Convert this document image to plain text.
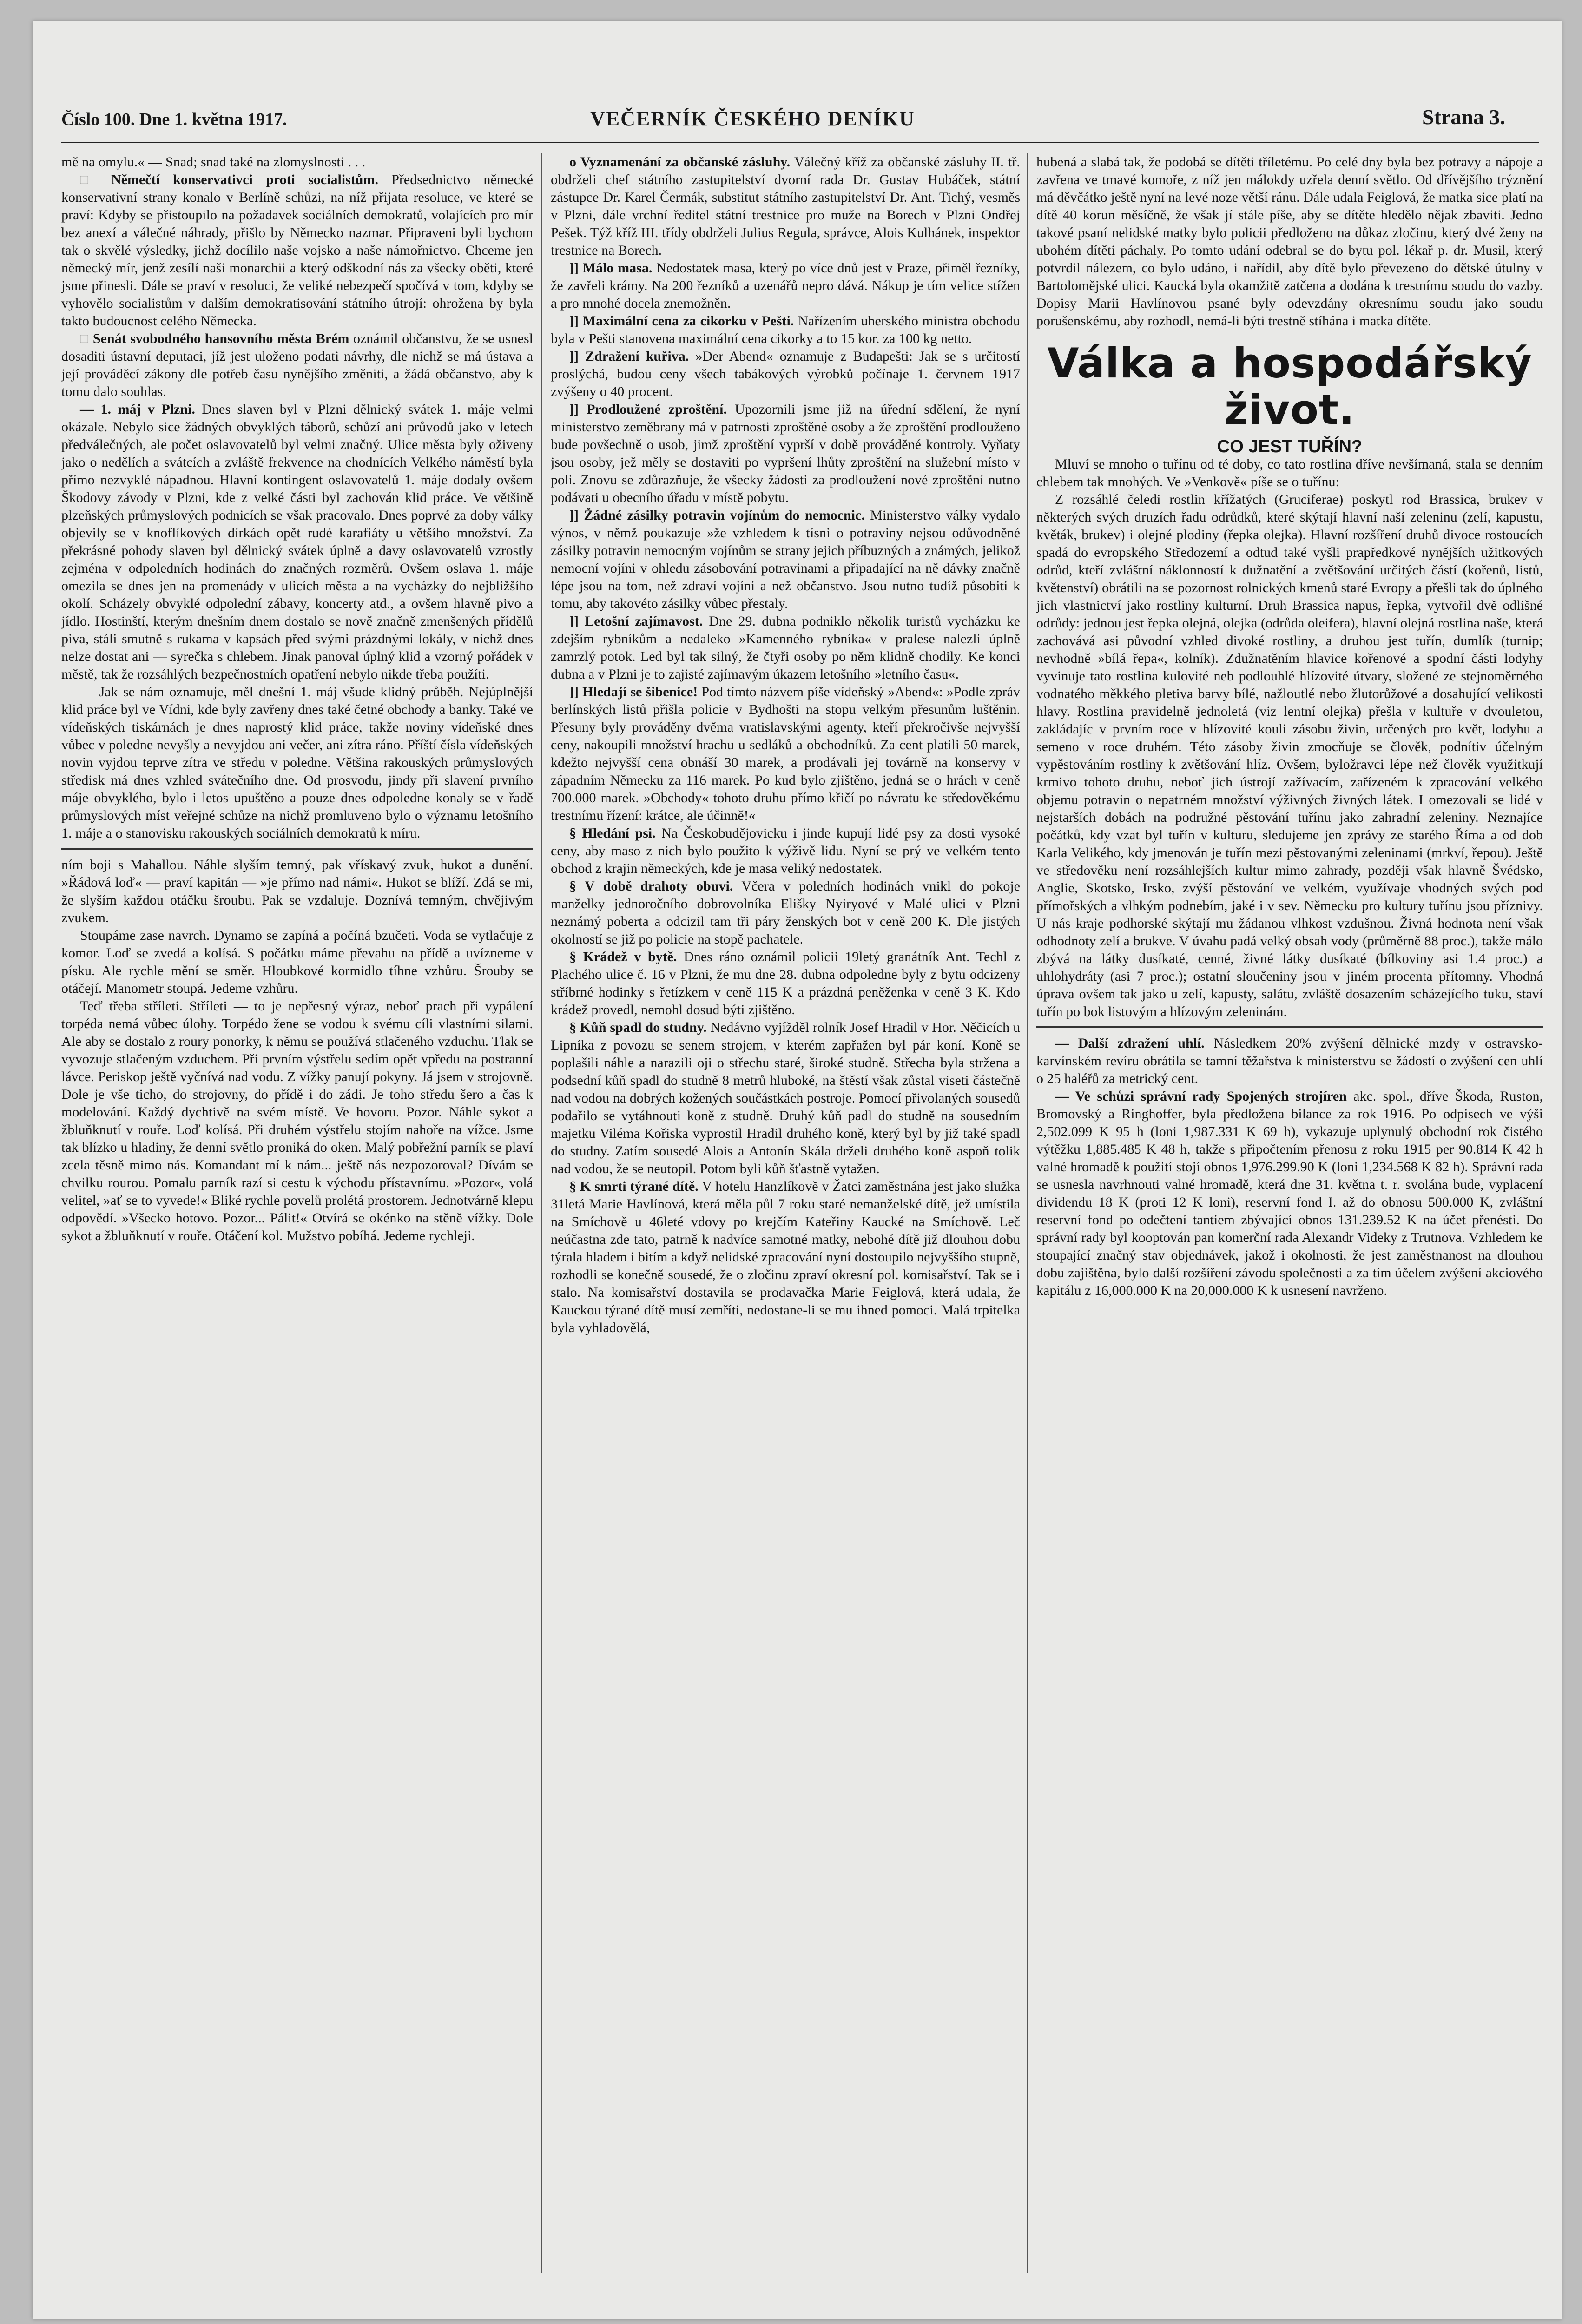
Číslo 100. Dne 1. května 1917.	VEČERNÍK ČESKÉHO DENÍKU	Strana 3.

mě na omylu.« — Snad; snad také na zlomyslnosti . . .

□ Němečtí konservativci proti socialistům. Předsednictvo německé konservativní strany konalo v Berlíně schůzi, na níž přijata resoluce, ve které se praví: Kdyby se přistoupilo na požadavek sociálních demokratů, volajících pro mír bez anexí a válečné náhrady, přišlo by Německo nazmar. Připraveni byli bychom tak o skvělé výsledky, jichž docílilo naše vojsko a naše námořnictvo. Chceme jen německý mír, jenž zesílí naši monarchii a který odškodní nás za všecky oběti, které jsme přinesli. Dále se praví v resoluci, že veliké nebezpečí spočívá v tom, kdyby se vyhovělo socialistům v dalším demokratisování státního útrojí: ohrožena by byla takto budoucnost celého Německa.

□ Senát svobodného hansovního města Brém oznámil občanstvu, že se usnesl dosaditi ústavní deputaci, jíž jest uloženo podati návrhy, dle nichž se má ústava a její prováděcí zákony dle potřeb času nynějšího změniti, a žádá občanstvo, aby k tomu dalo souhlas.

— 1. máj v Plzni. Dnes slaven byl v Plzni dělnický svátek 1. máje velmi okázale. Nebylo sice žádných obvyklých táborů, schůzí ani průvodů jako v letech předválečných, ale počet oslavovatelů byl velmi značný. Ulice města byly oživeny jako o nedělích a svátcích a zvláště frekvence na chodnících Velkého náměstí byla přímo nezvyklé nápadnou. Hlavní kontingent oslavovatelů 1. máje dodaly ovšem Škodovy závody v Plzni, kde z velké části byl zachován klid práce. Ve většině plzeňských průmyslových podnicích se však pracovalo. Dnes poprvé za doby války objevily se v knoflíkových dírkách opět rudé karafiáty u většího množství. Za překrásné pohody slaven byl dělnický svátek úplně a davy oslavovatelů vzrostly zejména v odpoledních hodinách do značných rozměrů. Ovšem oslava 1. máje omezila se dnes jen na promenády v ulicích města a na vycházky do nejbližšího okolí. Scházely obvyklé odpolední zábavy, koncerty atd., a ovšem hlavně pivo a jídlo. Hostinští, kterým dnešním dnem dostalo se nově značně zmenšených přídělů piva, stáli smutně s rukama v kapsách před svými prázdnými lokály, v nichž dnes nelze dostat ani — syrečka s chlebem. Jinak panoval úplný klid a vzorný pořádek v městě, tak že rozsáhlých bezpečnostních opatření nebylo nikde třeba použíti.

— Jak se nám oznamuje, měl dnešní 1. máj všude klidný průběh. Nejúplnější klid práce byl ve Vídni, kde byly zavřeny dnes také četné obchody a banky. Také ve vídeňských tiskárnách je dnes naprostý klid práce, takže noviny vídeňské dnes vůbec v poledne nevyšly a nevyjdou ani večer, ani zítra ráno. Příští čísla vídeňských novin vyjdou teprve zítra ve středu v poledne. Většina rakouských průmyslových středisk má dnes vzhled svátečního dne. Od prosvodu, jindy při slavení prvního máje obvyklého, bylo i letos upuštěno a pouze dnes odpoledne konaly se v řadě průmyslových míst veřejné schůze na nichž promluveno bylo o významu letošního 1. máje a o stanovisku rakouských sociálních demokratů k míru.

ním boji s Mahallou. Náhle slyším temný, pak vřískavý zvuk, hukot a dunění. »Řádová loď« — praví kapitán — »je přímo nad námi«. Hukot se blíží. Zdá se mi, že slyším každou otáčku šroubu. Pak se vzdaluje. Doznívá temným, chvějivým zvukem.

Stoupáme zase navrch. Dynamo se zapíná a počíná bzučeti. Voda se vytlačuje z komor. Loď se zvedá a kolísá. S počátku máme převahu na přídě a uvízneme v písku. Ale rychle mění se směr. Hloubkové kormidlo tíhne vzhůru. Šrouby se otáčejí. Manometr stoupá. Jedeme vzhůru.

Teď třeba stříleti. Stříleti — to je nepřesný výraz, neboť prach při vypálení torpéda nemá vůbec úlohy. Torpédo žene se vodou k svému cíli vlastními silami. Ale aby se dostalo z roury ponorky, k němu se používá stlačeného vzduchu. Tlak se vyvozuje stlačeným vzduchem. Při prvním výstřelu sedím opět vpředu na postranní lávce. Periskop ještě vyčnívá nad vodu. Z vížky panují pokyny. Já jsem v strojovně. Dole je vše ticho, do strojovny, do přídě i do zádi. Je toho středu šero a čas k modelování. Každý dychtivě na svém místě. Ve hovoru. Pozor. Náhle sykot a žbluňknutí v rouře. Loď kolísá. Při druhém výstřelu stojím nahoře na vížce. Jsme tak blízko u hladiny, že denní světlo proniká do oken. Malý pobřežní parník se plaví zcela těsně mimo nás. Komandant mí k nám... ještě nás nezpozoroval? Dívám se chvilku rourou. Pomalu parník razí si cestu k východu přístavnímu. »Pozor«, volá velitel, »ať se to vyvede!« Bliké rychle povelů prolétá prostorem. Jednotvárně klepu odpovědí. »Všecko hotovo. Pozor... Pálit!« Otvírá se okénko na stěně vížky. Dole sykot a žbluňknutí v rouře. Otáčení kol. Mužstvo pobíhá. Jedeme rychleji.

o Vyznamenání za občanské zásluhy. Válečný kříž za občanské zásluhy II. tř. obdrželi chef státního zastupitelství dvorní rada Dr. Gustav Hubáček, státní zástupce Dr. Karel Čermák, substitut státního zastupitelství Dr. Ant. Tichý, vesměs v Plzni, dále vrchní ředitel státní trestnice pro muže na Borech v Plzni Ondřej Pešek. Týž kříž III. třídy obdrželi Julius Regula, správce, Alois Kulhánek, inspektor trestnice na Borech.

]] Málo masa. Nedostatek masa, který po více dnů jest v Praze, přiměl řezníky, že zavřeli krámy. Na 200 řezníků a uzenářů nepro dává. Nákup je tím velice stížen a pro mnohé docela znemožněn.

]] Maximální cena za cikorku v Pešti. Nařízením uherského ministra obchodu byla v Pešti stanovena maximální cena cikorky a to 15 kor. za 100 kg netto.

]] Zdražení kuřiva. »Der Abend« oznamuje z Budapešti: Jak se s určitostí proslýchá, budou ceny všech tabákových výrobků počínaje 1. červnem 1917 zvýšeny o 40 procent.

]] Prodloužené zproštění. Upozornili jsme již na úřední sdělení, že nyní ministerstvo zeměbrany má v patrnosti zproštěné osoby a že zproštění prodlouženo bude povšechně o usob, jimž zproštění vyprší v době prováděné kontroly. Vyňaty jsou osoby, jež měly se dostaviti po vypršení lhůty zproštění na služební místo v poli. Znovu se zdůrazňuje, že všecky žádosti za prodloužení nové zproštění nutno podávati u obecního úřadu v místě pobytu.

]] Žádné zásilky potravin vojínům do nemocnic. Ministerstvo války vydalo výnos, v němž poukazuje »že vzhledem k tísni o potraviny nejsou odůvodněné zásilky potravin nemocným vojínům se strany jejich příbuzných a známých, jelikož nemocní vojíni v ohledu zásobování potravinami a připadající na ně dávky značně lépe jsou na tom, než zdraví vojíni a než občanstvo. Jsou nutno tudíž působiti k tomu, aby takovéto zásilky vůbec přestaly.

]] Letošní zajímavost. Dne 29. dubna podniklo několik turistů vycházku ke zdejším rybníkům a nedaleko »Kamenného rybníka« v pralese nalezli úplně zamrzlý potok. Led byl tak silný, že čtyři osoby po něm klidně chodily. Ke konci dubna a v Plzni je to zajisté zajímavým úkazem letošního »letního času«.

]] Hledají se šibenice! Pod tímto názvem píše vídeňský »Abend«: »Podle zpráv berlínských listů přišla policie v Bydhošti na stopu velkým přesunům luštěnin. Přesuny byly prováděny dvěma vratislavskými agenty, kteří překročivše nejvyšší ceny, nakoupili množství hrachu u sedláků a obchodníků. Za cent platili 50 marek, kdežto nejvyšší cena obnáší 30 marek, a prodávali jej továrně na konservy v západním Německu za 116 marek. Po kud bylo zjištěno, jedná se o hrách v ceně 700.000 marek. »Obchody« tohoto druhu přímo křičí po návratu ke středověkému trestnímu řízení: krátce, ale účinně!«

§ Hledání psi. Na Českobudějovicku i jinde kupují lidé psy za dosti vysoké ceny, aby maso z nich bylo použito k výživě lidu. Nyní se prý ve velkém tento obchod z krajin německých, kde je masa veliký nedostatek.

§ V době drahoty obuvi. Včera v poledních hodinách vnikl do pokoje manželky jednoročního dobrovolníka Elišky Nyiryové v Malé ulici v Plzni neznámý poberta a odcizil tam tři páry ženských bot v ceně 200 K. Dle jistých okolností se již po policie na stopě pachatele.

§ Krádež v bytě. Dnes ráno oznámil policii 19letý granátník Ant. Techl z Plachého ulice č. 16 v Plzni, že mu dne 28. dubna odpoledne byly z bytu odcizeny stříbrné hodinky s řetízkem v ceně 115 K a prázdná peněženka v ceně 3 K. Kdo krádež provedl, nemohl dosud býti zjištěno.

§ Kůň spadl do studny. Nedávno vyjížděl rolník Josef Hradil v Hor. Něčicích u Lipníka z povozu se senem strojem, v kterém zapřažen byl pár koní. Koně se poplašili náhle a narazili oji o střechu staré, široké studně. Střecha byla stržena a podsední kůň spadl do studně 8 metrů hluboké, na štěstí však zůstal viseti částečně nad vodou na dobrých kožených součástkách postroje. Pomocí přivolaných sousedů podařilo se vytáhnouti koně z studně. Druhý kůň padl do studně na sousedním majetku Viléma Kořiska vyprostil Hradil druhého koně, který byl by již také spadl do studny. Zatím sousedé Alois a Antonín Skála drželi druhého koně aspoň tolik nad vodou, že se neutopil. Potom byli kůň šťastně vytažen.

§ K smrti týrané dítě. V hotelu Hanzlíkově v Žatci zaměstnána jest jako služka 31letá Marie Havlínová, která měla půl 7 roku staré nemanželské dítě, jež umístila na Smíchově u 46leté vdovy po krejčím Kateřiny Kaucké na Smíchově. Leč neúčastna zde tato, patrně k nadvíce samotné matky, nebohé dítě již dlouhou dobu týrala hladem i bitím a když nelidské zpracování nyní dostoupilo nejvyššího stupně, rozhodli se konečně sousedé, že o zločinu zpraví okresní pol. komisařství. Tak se i stalo. Na komisařství dostavila se prodavačka Marie Feiglová, která udala, že Kauckou týrané dítě musí zemříti, nedostane-li se mu ihned pomoci. Malá trpitelka byla vyhladovělá,

hubená a slabá tak, že podobá se dítěti tříletému. Po celé dny byla bez potravy a nápoje a zavřena ve tmavé komoře, z níž jen málokdy uzřela denní světlo. Od dřívějšího trýznění má děvčátko ještě nyní na levé noze větší ránu. Dále udala Feiglová, že matka sice platí na dítě 40 korun měsíčně, že však jí stále píše, aby se dítěte hledělo nějak zbaviti. Jedno takové psaní nelidské matky bylo policii předloženo na důkaz zločinu, který dvé ženy na ubohém dítěti páchaly. Po tomto udání odebral se do bytu pol. lékař p. dr. Musil, který potvrdil nálezem, co bylo udáno, i nařídil, aby dítě bylo převezeno do dětské útulny v Bartolomějské ulici. Kaucká byla okamžitě zatčena a dodána k trestnímu soudu do vazby. Dopisy Marii Havlínovou psané byly odevzdány okresnímu soudu jako soudu porušenskému, aby rozhodl, nemá-li býti trestně stíhána i matka dítěte.

Válka a hospodářský život.

CO JEST TUŘÍN?

Mluví se mnoho o tuřínu od té doby, co tato rostlina dříve nevšímaná, stala se denním chlebem tak mnohých. Ve »Venkově« píše se o tuřínu:

Z rozsáhlé čeledi rostlin křížatých (Gruciferae) poskytl rod Brassica, brukev v některých svých druzích řadu odrůdků, které skýtají hlavní naší zeleninu (zelí, kapustu, květák, brukev) i olejné plodiny (řepka olejka). Hlavní rozšíření druhů divoce rostoucích spadá do evropského Středozemí a odtud také vyšli prapředkové nynějších užitkových odrůd, kteří zvláštní náklonností k dužnatění a zvětšování určitých částí (kořenů, listů, květenství) obrátili na se pozornost rolnických kmenů staré Evropy a přešli tak do úplného jich vlastnictví jako rostliny kulturní. Druh Brassica napus, řepka, vytvořil dvě odlišné odrůdy: jednou jest řepka olejná, olejka (odrůda oleifera), hlavní olejná rostlina naše, která zachovává asi původní vzhled divoké rostliny, a druhou jest tuřín, dumlík (turnip; nevhodně »bílá řepa«, kolník). Zdužnatěním hlavice kořenové a spodní části lodyhy vyvinuje tato rostlina kulovité neb podlouhlé hlízovité útvary, složené ze stejnoměrného vodnatého měkkého pletiva barvy bílé, nažloutlé nebo žlutorůžové a dosahující velikosti hlavy. Rostlina pravidelně jednoletá (viz lentní olejka) přešla v kultuře v dvouletou, zakládajíc v prvním roce v hlízovité kouli zásobu živin, určených pro květ, lodyhu a semeno v roce druhém. Této zásoby živin zmocňuje se člověk, podnítiv účelným vypěstováním rostliny k zvětšování hlíz. Ovšem, byložravci lépe než člověk využitkují krmivo tohoto druhu, neboť jich ústrojí zažívacím, zařízeném k zpracování velkého objemu potravin o nepatrném množství výživných živných látek. I omezovali se lidé v nejstarších dobách na podružné pěstování tuřínu jako zahradní zeleniny. Neznajíce počátků, kdy vzat byl tuřín v kulturu, sledujeme jen zprávy ze starého Říma a od dob Karla Velikého, kdy jmenován je tuřín mezi pěstovanými zeleninami (mrkví, řepou). Ještě ve středověku není rozsáhlejších kultur mimo zahrady, později však hlavně Švédsko, Anglie, Skotsko, Irsko, zvýší pěstování ve velkém, využívaje vhodných svých pod přímořských a vlhkým podnebím, jaké i v sev. Německu pro kultury tuřínu jsou příznivy. U nás kraje podhorské skýtají mu žádanou vlhkost vzdušnou. Živná hodnota není však odhodnoty zelí a brukve. V úvahu padá velký obsah vody (průměrně 88 proc.), takže málo zbývá na látky dusíkaté, cenné, živné látky dusíkaté (bílkoviny asi 1.4 proc.) a uhlohydráty (asi 7 proc.); ostatní sloučeniny jsou v jiném procenta přítomny. Vhodná úprava ovšem tak jako u zelí, kapusty, salátu, zvláště dosazením scházejícího tuku, staví tuřín po bok listovým a hlízovým zeleninám.

— Další zdražení uhlí. Následkem 20% zvýšení dělnické mzdy v ostravsko-karvínském revíru obrátila se tamní těžařstva k ministerstvu se žádostí o zvýšení cen uhlí o 25 haléřů za metrický cent.

— Ve schůzi správní rady Spojených strojíren akc. spol., dříve Škoda, Ruston, Bromovský a Ringhoffer, byla předložena bilance za rok 1916. Po odpisech ve výši 2,502.099 K 95 h (loni 1,987.331 K 69 h), vykazuje uplynulý obchodní rok čistého výtěžku 1,885.485 K 48 h, takže s připočtením přenosu z roku 1915 per 90.814 K 42 h valné hromadě k použití stojí obnos 1,976.299.90 K (loni 1,234.568 K 82 h). Správní rada se usnesla navrhnouti valné hromadě, která dne 31. května t. r. svolána bude, vyplacení dividendu 18 K (proti 12 K loni), reservní fond I. až do obnosu 500.000 K, zvláštní reservní fond po odečtení tantiem zbývající obnos 131.239.52 K na účet přenésti. Do správní rady byl kooptován pan komerční rada Alexandr Videky z Trutnova. Vzhledem ke stoupající značný stav objednávek, jakož i okolnosti, že jest zaměstnanost na dlouhou dobu zajištěna, bylo další rozšíření závodu společnosti a za tím účelem zvýšení akciového kapitálu z 16,000.000 K na 20,000.000 K k usnesení navrženo.
